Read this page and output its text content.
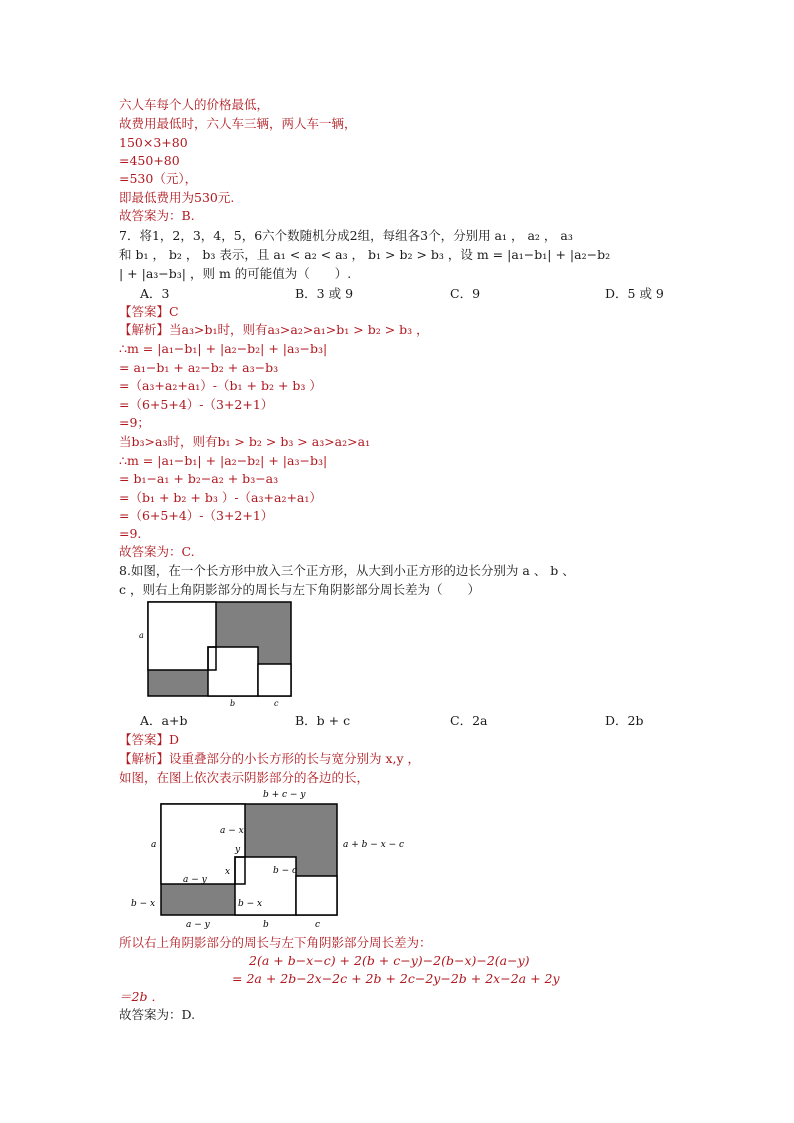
六人车每个人的价格最低，
故费用最低时，六人车三辆，两人车一辆，
150×3+80
=450+80
=530（元），
即最低费用为530元.
故答案为：B.
7．将1，2，3，4，5，6六个数随机分成2组，每组各3个，分别用 a₁ ， a₂ ， a₃
和 b₁ ， b₂ ， b₃ 表示，且 a₁ < a₂ < a₃ ， b₁ > b₂ > b₃ ，设 m = |a₁−b₁| + |a₂−b₂
| + |a₃−b₃| ，则 m 的可能值为（　　）.
A．3	B．3 或 9	C．9	D．5 或 9
【答案】C
【解析】当a₃>b₁时，则有a₃>a₂>a₁>b₁ > b₂ > b₃ ，
∴m = |a₁−b₁| + |a₂−b₂| + |a₃−b₃|
= a₁−b₁ + a₂−b₂ + a₃−b₃
=（a₃+a₂+a₁）-（b₁ + b₂ + b₃ ）
=（6+5+4）-（3+2+1）
=9；
当b₃>a₃时，则有b₁ > b₂ > b₃ > a₃>a₂>a₁
∴m = |a₁−b₁| + |a₂−b₂| + |a₃−b₃|
= b₁−a₁ + b₂−a₂ + b₃−a₃
=（b₁ + b₂ + b₃ ）-（a₃+a₂+a₁）
=（6+5+4）-（3+2+1）
=9.
故答案为：C.
8.如图，在一个长方形中放入三个正方形，从大到小正方形的边长分别为 a 、 b 、
c ，则右上角阴影部分的周长与左下角阴影部分周长差为（　　）
a
b	c
A．a+b	B．b + c	C．2a	D．2b
【答案】D
【解析】设重叠部分的小长方形的长与宽分别为 x,y ，
如图，在图上依次表示阴影部分的各边的长，
b + c − y
a
a − x
y
x
a − y
b − c
a + b − x − c
b − x	b − x
a − y	b	c
所以右上角阴影部分的周长与左下角阴影部分周长差为：
2(a + b−x−c) + 2(b + c−y)−2(b−x)−2(a−y)
= 2a + 2b−2x−2c + 2b + 2c−2y−2b + 2x−2a + 2y
＝2b ．
故答案为：D.
